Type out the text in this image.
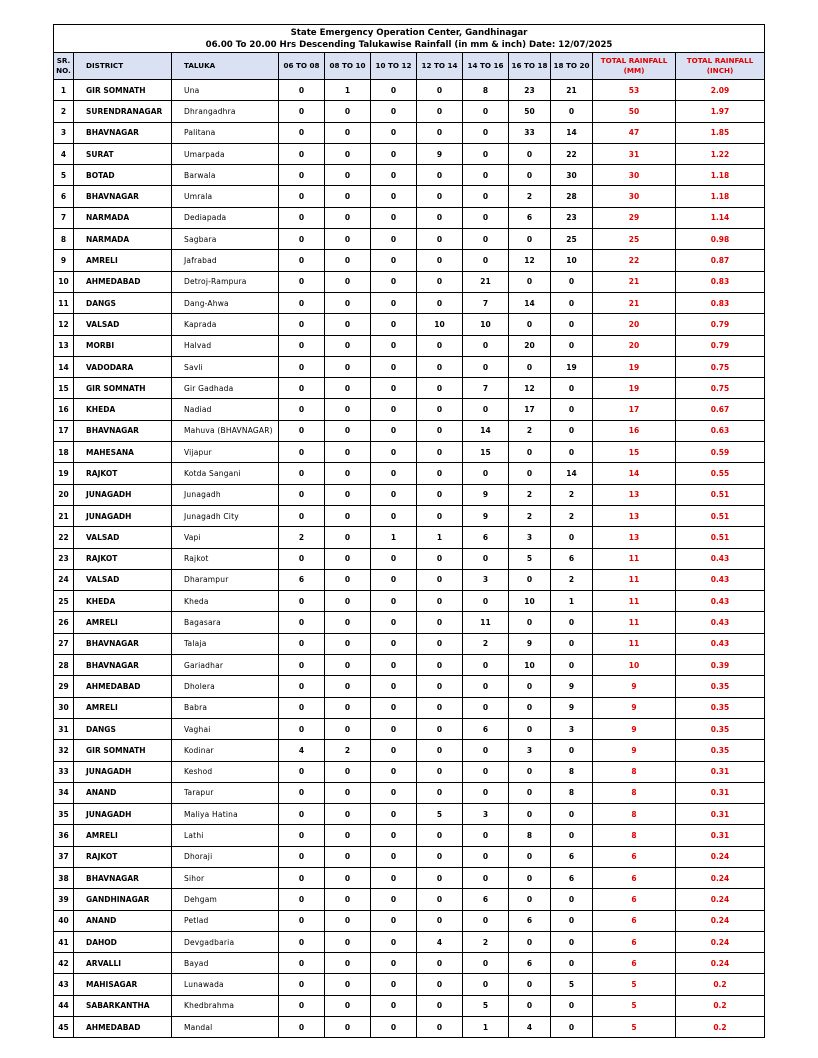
State Emergency Operation Center, Gandhinagar
06.00 To 20.00 Hrs Descending Talukawise Rainfall (in mm & inch) Date: 12/07/2025											

SR. NO.	DISTRICT	TALUKA	06 TO 08	08 TO 10	10 TO 12	12 TO 14	14 TO 16	16 TO 18	18 TO 20	TOTAL RAINFALL (MM)	TOTAL RAINFALL (INCH)
1	GIR SOMNATH	Una	0	1	0	0	8	23	21	53	2.09
2	SURENDRANAGAR	Dhrangadhra	0	0	0	0	0	50	0	50	1.97
3	BHAVNAGAR	Palitana	0	0	0	0	0	33	14	47	1.85
4	SURAT	Umarpada	0	0	0	9	0	0	22	31	1.22
5	BOTAD	Barwala	0	0	0	0	0	0	30	30	1.18
6	BHAVNAGAR	Umrala	0	0	0	0	0	2	28	30	1.18
7	NARMADA	Dediapada	0	0	0	0	0	6	23	29	1.14
8	NARMADA	Sagbara	0	0	0	0	0	0	25	25	0.98
9	AMRELI	Jafrabad	0	0	0	0	0	12	10	22	0.87
10	AHMEDABAD	Detroj-Rampura	0	0	0	0	21	0	0	21	0.83
11	DANGS	Dang-Ahwa	0	0	0	0	7	14	0	21	0.83
12	VALSAD	Kaprada	0	0	0	10	10	0	0	20	0.79
13	MORBI	Halvad	0	0	0	0	0	20	0	20	0.79
14	VADODARA	Savli	0	0	0	0	0	0	19	19	0.75
15	GIR SOMNATH	Gir Gadhada	0	0	0	0	7	12	0	19	0.75
16	KHEDA	Nadiad	0	0	0	0	0	17	0	17	0.67
17	BHAVNAGAR	Mahuva (BHAVNAGAR)	0	0	0	0	14	2	0	16	0.63
18	MAHESANA	Vijapur	0	0	0	0	15	0	0	15	0.59
19	RAJKOT	Kotda Sangani	0	0	0	0	0	0	14	14	0.55
20	JUNAGADH	Junagadh	0	0	0	0	9	2	2	13	0.51
21	JUNAGADH	Junagadh City	0	0	0	0	9	2	2	13	0.51
22	VALSAD	Vapi	2	0	1	1	6	3	0	13	0.51
23	RAJKOT	Rajkot	0	0	0	0	0	5	6	11	0.43
24	VALSAD	Dharampur	6	0	0	0	3	0	2	11	0.43
25	KHEDA	Kheda	0	0	0	0	0	10	1	11	0.43
26	AMRELI	Bagasara	0	0	0	0	11	0	0	11	0.43
27	BHAVNAGAR	Talaja	0	0	0	0	2	9	0	11	0.43
28	BHAVNAGAR	Gariadhar	0	0	0	0	0	10	0	10	0.39
29	AHMEDABAD	Dholera	0	0	0	0	0	0	9	9	0.35
30	AMRELI	Babra	0	0	0	0	0	0	9	9	0.35
31	DANGS	Vaghai	0	0	0	0	6	0	3	9	0.35
32	GIR SOMNATH	Kodinar	4	2	0	0	0	3	0	9	0.35
33	JUNAGADH	Keshod	0	0	0	0	0	0	8	8	0.31
34	ANAND	Tarapur	0	0	0	0	0	0	8	8	0.31
35	JUNAGADH	Maliya Hatina	0	0	0	5	3	0	0	8	0.31
36	AMRELI	Lathi	0	0	0	0	0	8	0	8	0.31
37	RAJKOT	Dhoraji	0	0	0	0	0	0	6	6	0.24
38	BHAVNAGAR	Sihor	0	0	0	0	0	0	6	6	0.24
39	GANDHINAGAR	Dehgam	0	0	0	0	6	0	0	6	0.24
40	ANAND	Petlad	0	0	0	0	0	6	0	6	0.24
41	DAHOD	Devgadbaria	0	0	0	4	2	0	0	6	0.24
42	ARVALLI	Bayad	0	0	0	0	0	6	0	6	0.24
43	MAHISAGAR	Lunawada	0	0	0	0	0	0	5	5	0.2
44	SABARKANTHA	Khedbrahma	0	0	0	0	5	0	0	5	0.2
45	AHMEDABAD	Mandal	0	0	0	0	1	4	0	5	0.2
